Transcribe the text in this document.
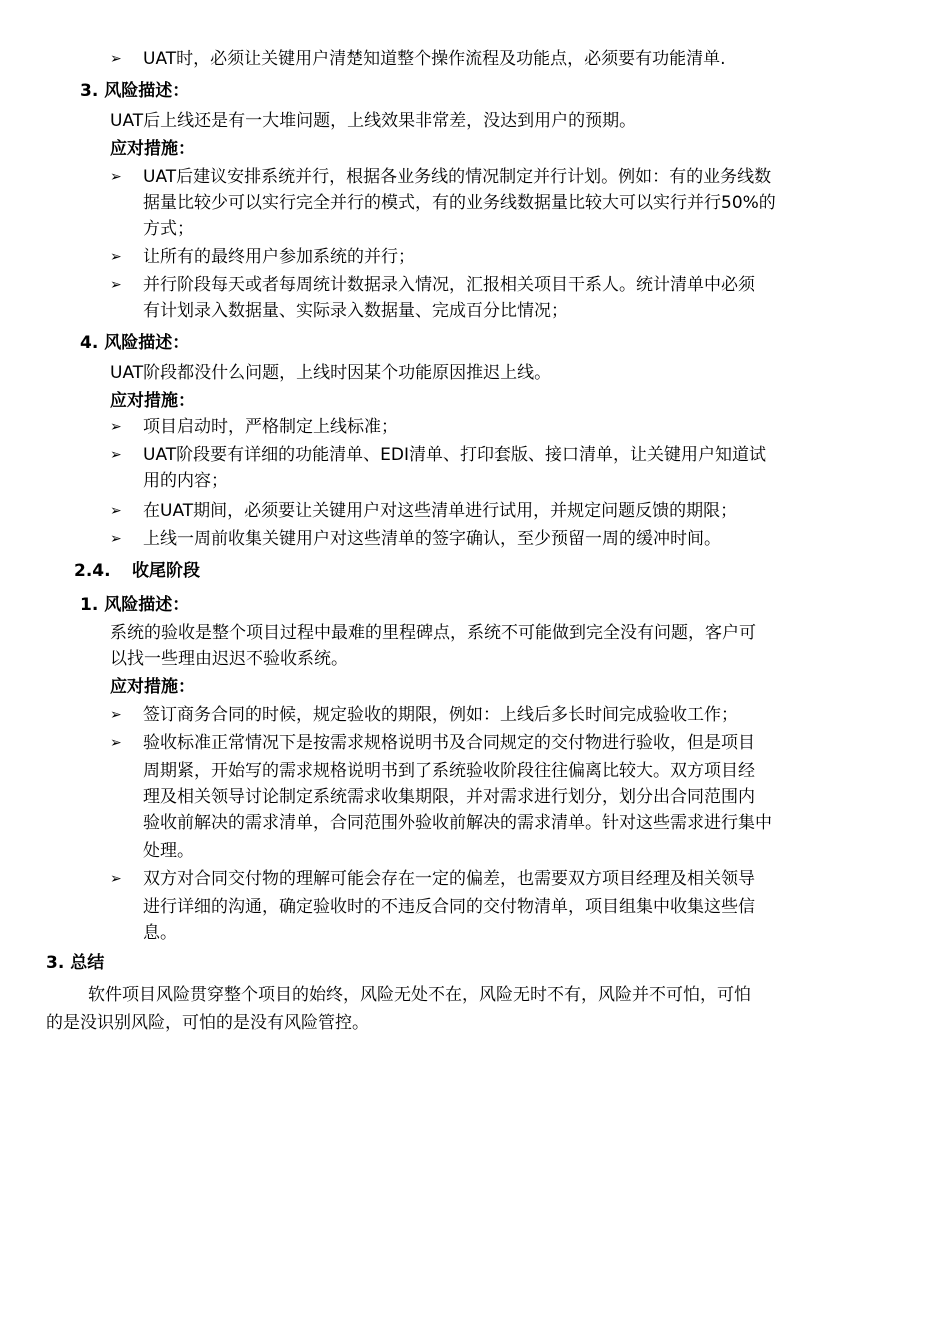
➢ UAT时，必须让关键用户清楚知道整个操作流程及功能点，必须要有功能清单.
3. 风险描述：
UAT后上线还是有一大堆问题，上线效果非常差，没达到用户的预期。
应对措施：
➢ UAT后建议安排系统并行，根据各业务线的情况制定并行计划。例如：有的业务线数
据量比较少可以实行完全并行的模式，有的业务线数据量比较大可以实行并行50%的
方式；
➢ 让所有的最终用户参加系统的并行；
➢ 并行阶段每天或者每周统计数据录入情况，汇报相关项目干系人。统计清单中必须
有计划录入数据量、实际录入数据量、完成百分比情况；
4. 风险描述：
UAT阶段都没什么问题，上线时因某个功能原因推迟上线。
应对措施：
➢ 项目启动时，严格制定上线标准；
➢ UAT阶段要有详细的功能清单、EDI清单、打印套版、接口清单，让关键用户知道试
用的内容；
➢ 在UAT期间，必须要让关键用户对这些清单进行试用，并规定问题反馈的期限；
➢ 上线一周前收集关键用户对这些清单的签字确认，至少预留一周的缓冲时间。
2.4. 收尾阶段
1. 风险描述：
系统的验收是整个项目过程中最难的里程碑点，系统不可能做到完全没有问题，客户可
以找一些理由迟迟不验收系统。
应对措施：
➢ 签订商务合同的时候，规定验收的期限，例如：上线后多长时间完成验收工作；
➢ 验收标准正常情况下是按需求规格说明书及合同规定的交付物进行验收，但是项目
周期紧，开始写的需求规格说明书到了系统验收阶段往往偏离比较大。双方项目经
理及相关领导讨论制定系统需求收集期限，并对需求进行划分，划分出合同范围内
验收前解决的需求清单，合同范围外验收前解决的需求清单。针对这些需求进行集中
处理。
➢ 双方对合同交付物的理解可能会存在一定的偏差，也需要双方项目经理及相关领导
进行详细的沟通，确定验收时的不违反合同的交付物清单，项目组集中收集这些信
息。
3. 总结
软件项目风险贯穿整个项目的始终，风险无处不在，风险无时不有，风险并不可怕，可怕
的是没识别风险，可怕的是没有风险管控。
